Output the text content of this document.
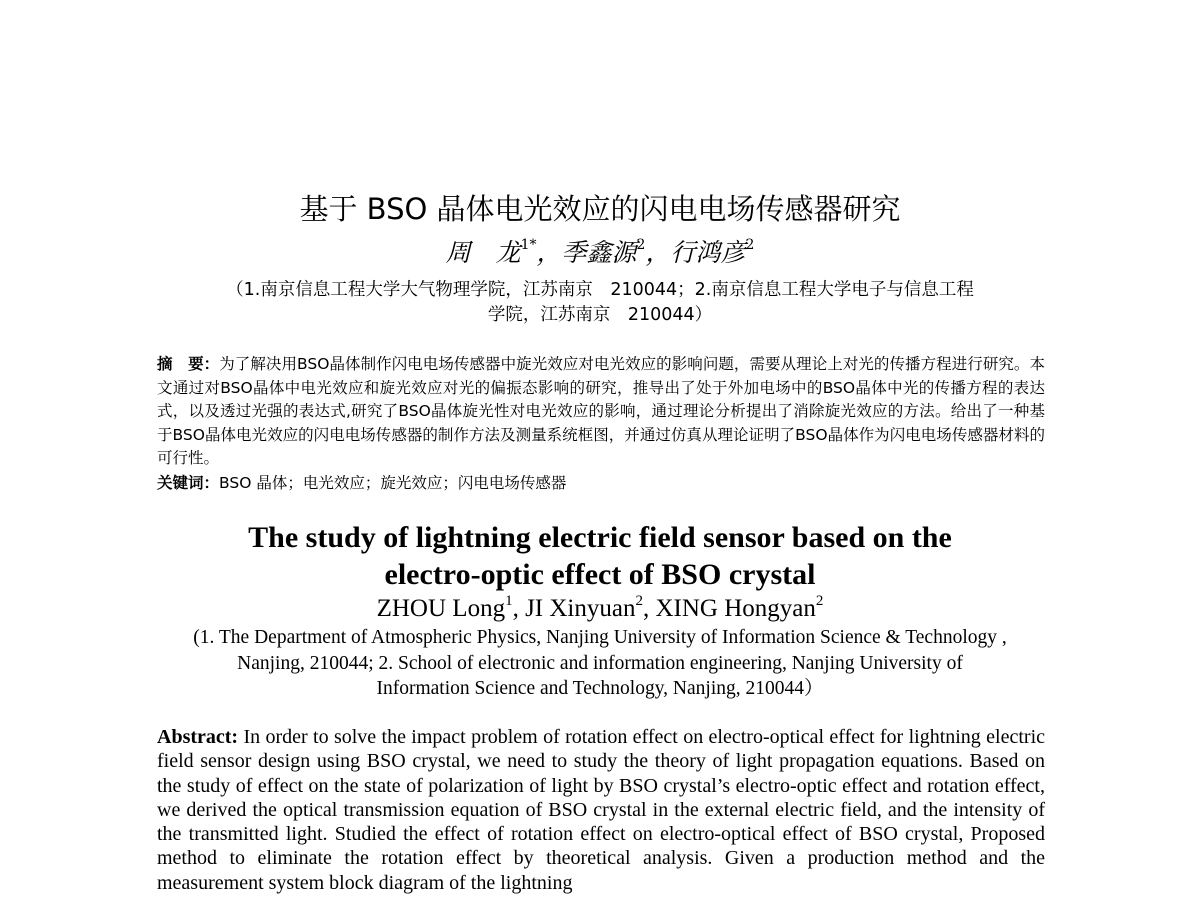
基于 BSO 晶体电光效应的闪电电场传感器研究
周　龙$^{1*}$，季鑫源$^2$，行鸿彦$^2$
（1.南京信息工程大学大气物理学院，江苏南京　210044；2.南京信息工程大学电子与信息工程
学院，江苏南京　210044）
摘　要：为了解决用BSO晶体制作闪电电场传感器中旋光效应对电光效应的影响问题，需要从理论上对光的传播方程进行研究。本文通过对BSO晶体中电光效应和旋光效应对光的偏振态影响的研究，推导出了处于外加电场中的BSO晶体中光的传播方程的表达式，以及透过光强的表达式,研究了BSO晶体旋光性对电光效应的影响，通过理论分析提出了消除旋光效应的方法。给出了一种基于BSO晶体电光效应的闪电电场传感器的制作方法及测量系统框图，并通过仿真从理论证明了BSO晶体作为闪电电场传感器材料的可行性。
关键词：BSO 晶体；电光效应；旋光效应；闪电电场传感器
The study of lightning electric field sensor based on the
electro-optic effect of BSO crystal
ZHOU Long$^1$, JI Xinyuan$^2$, XING Hongyan$^2$
(1. The Department of Atmospheric Physics, Nanjing University of Information Science & Technology ,
Nanjing, 210044; 2. School of electronic and information engineering, Nanjing University of
Information Science and Technology, Nanjing, 210044）
Abstract: In order to solve the impact problem of rotation effect on electro-optical effect for lightning electric field sensor design using BSO crystal, we need to study the theory of light propagation equations. Based on the study of effect on the state of polarization of light by BSO crystal’s electro-optic effect and rotation effect, we derived the optical transmission equation of BSO crystal in the external electric field, and the intensity of the transmitted light. Studied the effect of rotation effect on electro-optical effect of BSO crystal, Proposed method to eliminate the rotation effect by theoretical analysis. Given a production method and the measurement system block diagram of the lightning
